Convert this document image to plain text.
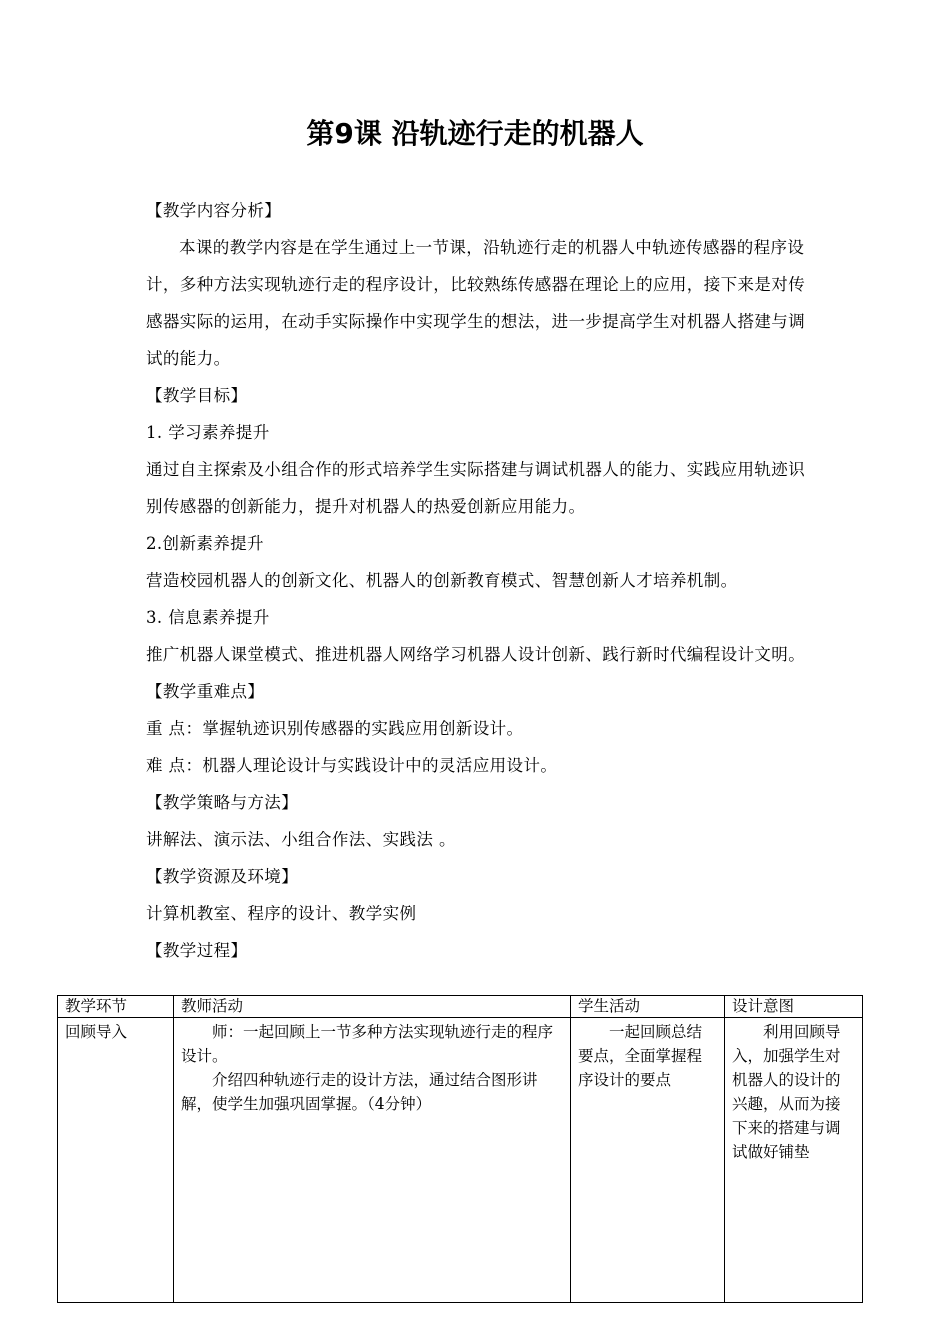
第9课 沿轨迹行走的机器人

【教学内容分析】

本课的教学内容是在学生通过上一节课，沿轨迹行走的机器人中轨迹传感器的程序设计，多种方法实现轨迹行走的程序设计，比较熟练传感器在理论上的应用，接下来是对传感器实际的运用，在动手实际操作中实现学生的想法，进一步提高学生对机器人搭建与调试的能力。

【教学目标】

1. 学习素养提升

通过自主探索及小组合作的形式培养学生实际搭建与调试机器人的能力、实践应用轨迹识别传感器的创新能力，提升对机器人的热爱创新应用能力。

2.创新素养提升

营造校园机器人的创新文化、机器人的创新教育模式、智慧创新人才培养机制。

3. 信息素养提升

推广机器人课堂模式、推进机器人网络学习机器人设计创新、践行新时代编程设计文明。

【教学重难点】

重 点：掌握轨迹识别传感器的实践应用创新设计。

难 点：机器人理论设计与实践设计中的灵活应用设计。

【教学策略与方法】

讲解法、演示法、小组合作法、实践法 。

【教学资源及环境】

计算机教室、程序的设计、教学实例

【教学过程】

教学环节	教师活动	学生活动	设计意图
回顾导入	师：一起回顾上一节多种方法实现轨迹行走的程序设计。

介绍四种轨迹行走的设计方法，通过结合图形讲解，使学生加强巩固掌握。（4分钟）	一起回顾总结要点，全面掌握程序设计的要点	利用回顾导入，加强学生对机器人的设计的兴趣，从而为接下来的搭建与调试做好铺垫
